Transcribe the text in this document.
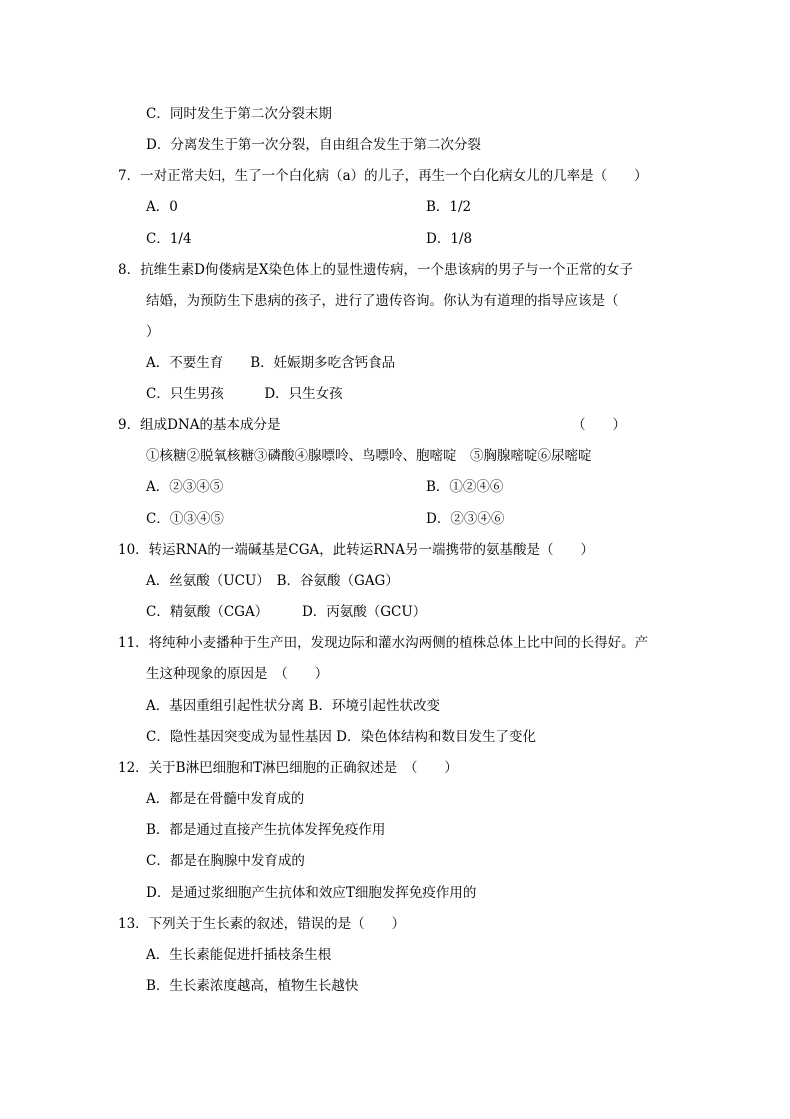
C．同时发生于第二次分裂末期
D．分离发生于第一次分裂，自由组合发生于第二次分裂
7．一对正常夫妇，生了一个白化病（a）的儿子，再生一个白化病女儿的几率是（　　）
A．0	B．1/2
C．1/4	D．1/8
8．抗维生素D佝偻病是X染色体上的显性遗传病，一个患该病的男子与一个正常的女子
结婚，为预防生下患病的孩子，进行了遗传咨询。你认为有道理的指导应该是（
）
A．不要生育　　B．妊娠期多吃含钙食品
C．只生男孩　　　D．只生女孩
9．组成DNA的基本成分是	（　　）
①核糖②脱氧核糖③磷酸④腺嘌呤、鸟嘌呤、胞嘧啶　⑤胸腺嘧啶⑥尿嘧啶
A．②③④⑤	B．①②④⑥
C．①③④⑤	D．②③④⑥
10．转运RNA的一端碱基是CGA，此转运RNA另一端携带的氨基酸是（　　）
A．丝氨酸（UCU）　B．谷氨酸（GAG）
C．精氨酸（CGA）　　　D．丙氨酸（GCU）
11．将纯种小麦播种于生产田，发现边际和灌水沟两侧的植株总体上比中间的长得好。产
生这种现象的原因是　（　　）
A．基因重组引起性状分离 B．环境引起性状改变
C．隐性基因突变成为显性基因 D．染色体结构和数目发生了变化
12．关于B淋巴细胞和T淋巴细胞的正确叙述是　（　　）
A．都是在骨髓中发育成的
B．都是通过直接产生抗体发挥免疫作用
C．都是在胸腺中发育成的
D．是通过浆细胞产生抗体和效应T细胞发挥免疫作用的
13．下列关于生长素的叙述，错误的是（　　）
A．生长素能促进扦插枝条生根
B．生长素浓度越高，植物生长越快
